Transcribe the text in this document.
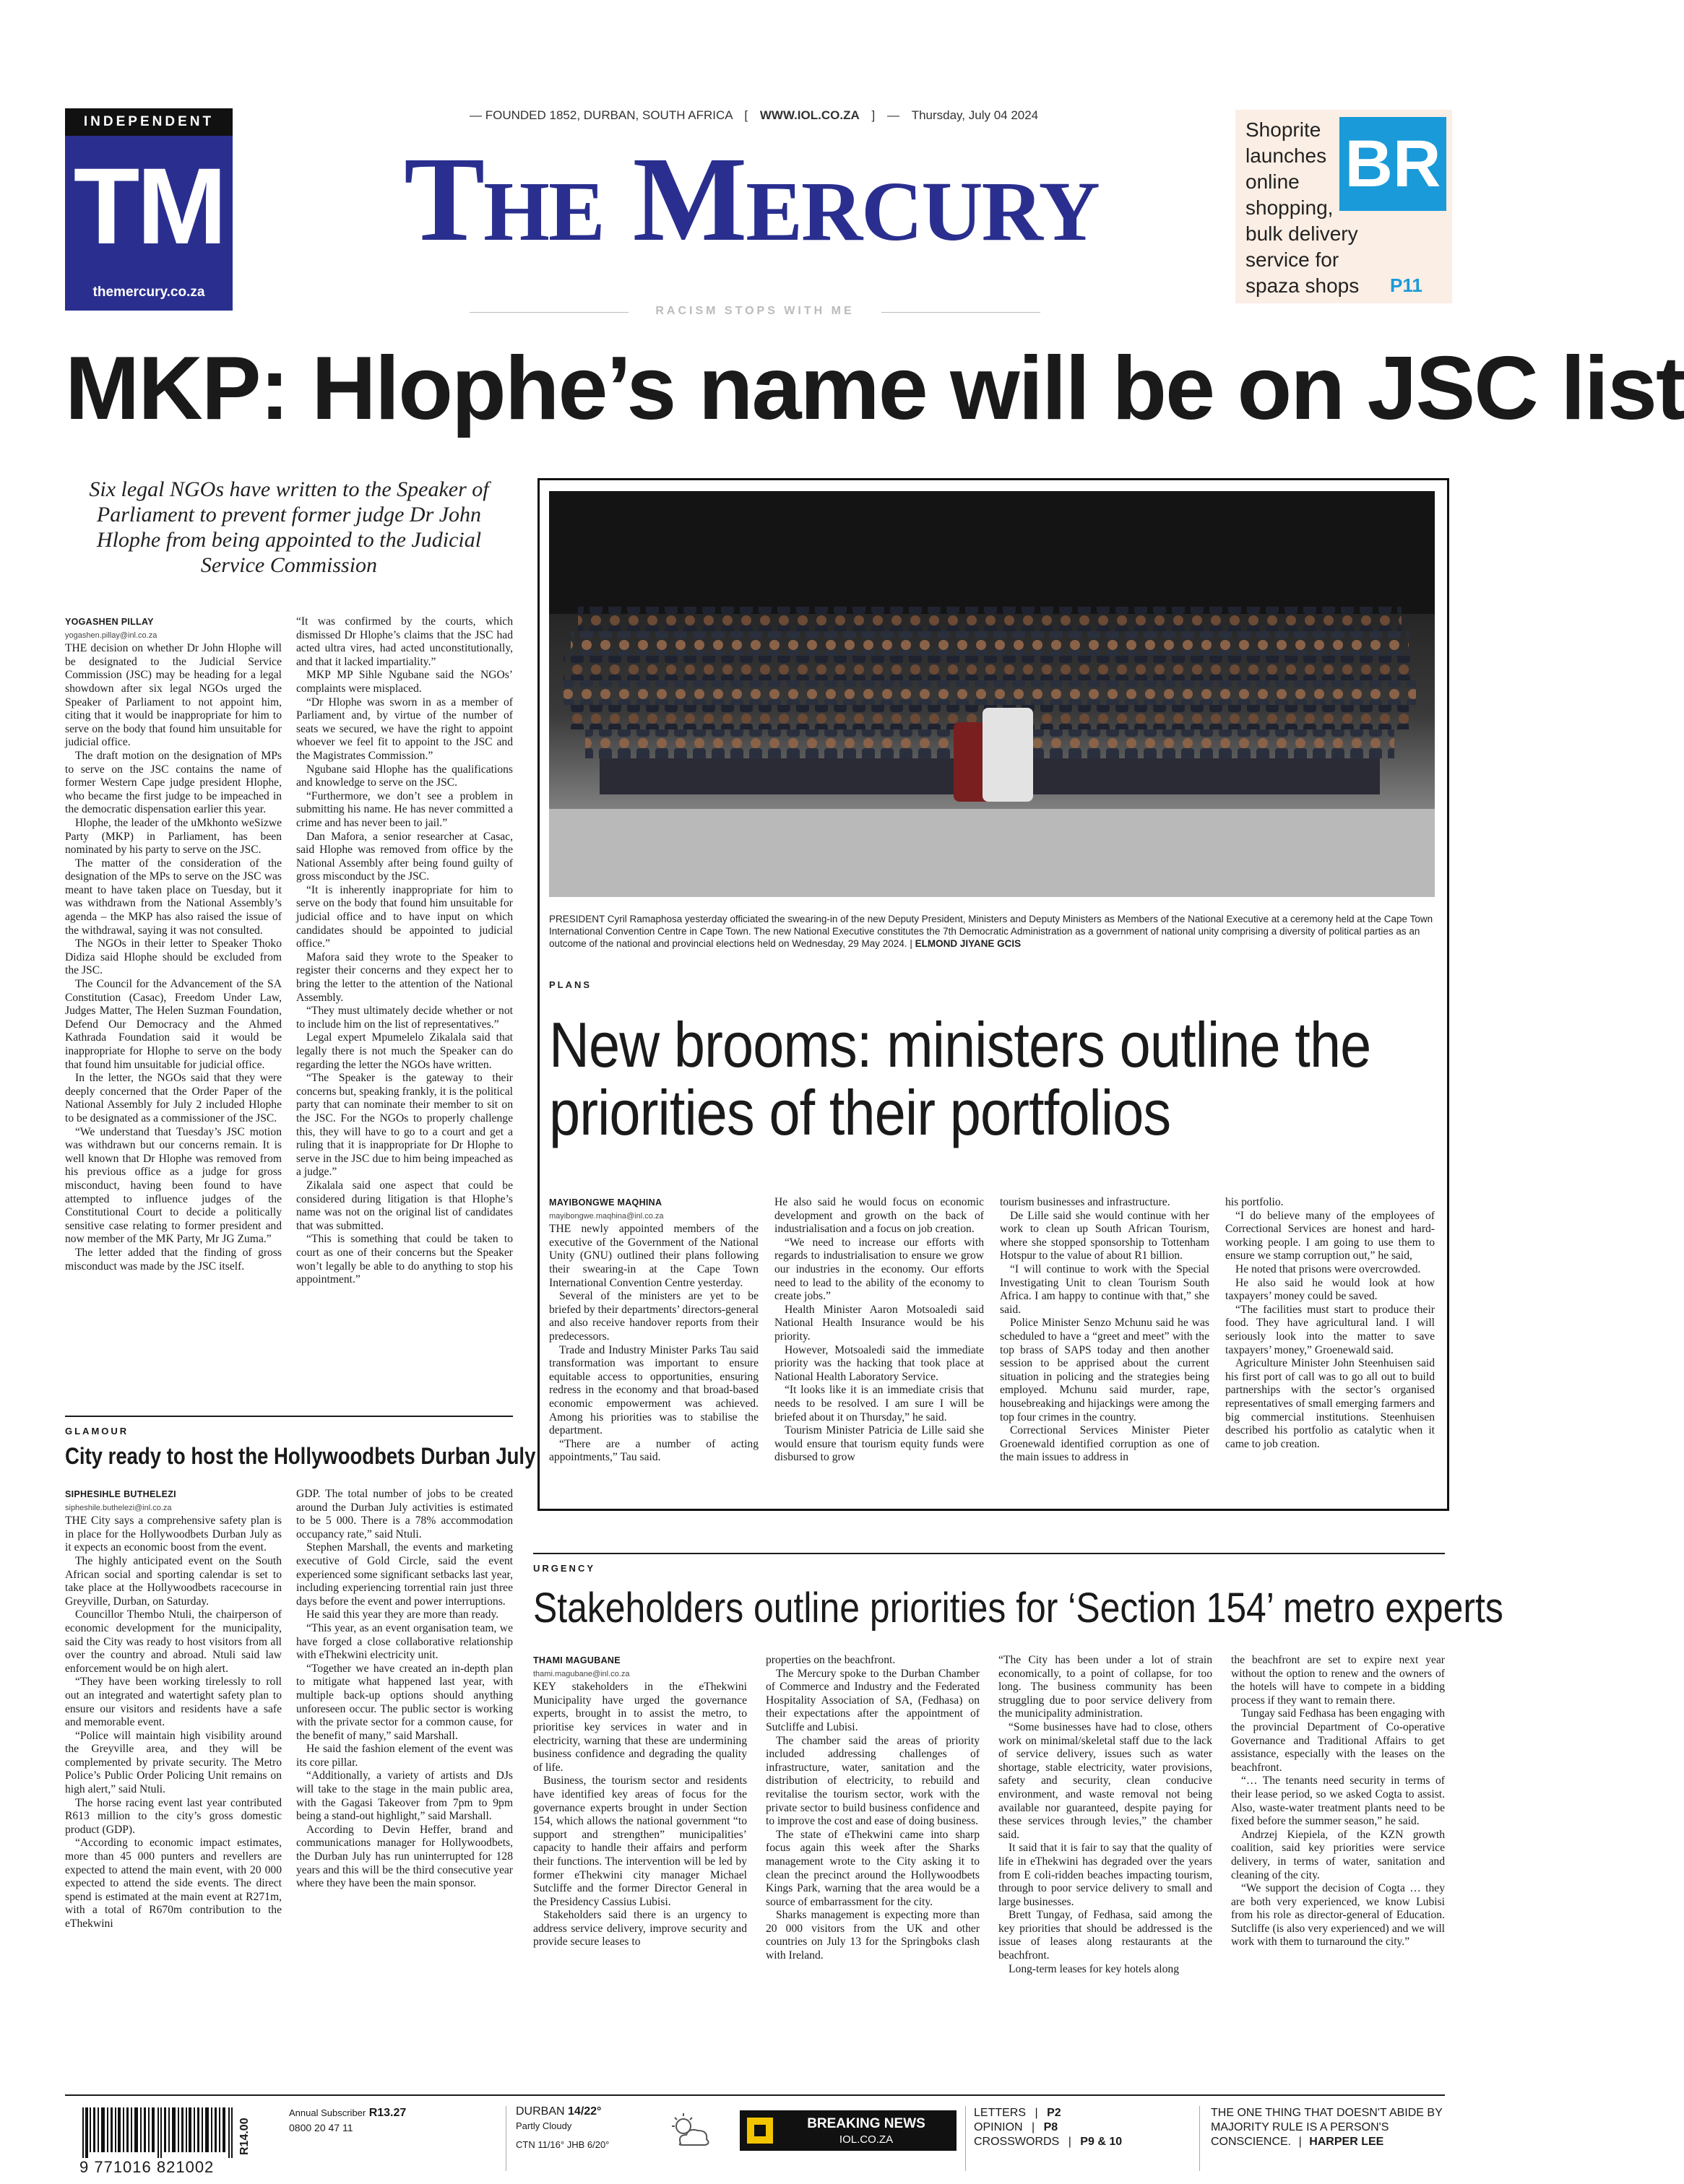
INDEPENDENT
TM
themercury.co.za
— FOUNDED 1852, DURBAN, SOUTH AFRICA [ WWW.IOL.CO.ZA ] — Thursday, July 04 2024
The Mercury
RACISM STOPS WITH ME
Shoprite launches online shopping, bulk delivery service for spaza shops
BR
P11
MKP: Hlophe’s name will be on JSC list
Six legal NGOs have written to the Speaker of Parliament to prevent former judge Dr John Hlophe from being appointed to the Judicial Service Commission

YOGASHEN PILLAY

yogashen.pillay@inl.co.za

THE decision on whether Dr John Hlophe will be designated to the Judicial Service Commission (JSC) may be heading for a legal showdown after six legal NGOs urged the Speaker of Parliament to not appoint him, citing that it would be inappropriate for him to serve on the body that found him unsuitable for judicial office.

The draft motion on the designation of MPs to serve on the JSC contains the name of former Western Cape judge president Hlophe, who became the first judge to be impeached in the democratic dispensation earlier this year.

Hlophe, the leader of the uMkhonto weSizwe Party (MKP) in Parliament, has been nominated by his party to serve on the JSC.

The matter of the consideration of the designation of the MPs to serve on the JSC was meant to have taken place on Tuesday, but it was withdrawn from the National Assembly’s agenda – the MKP has also raised the issue of the withdrawal, saying it was not consulted.

The NGOs in their letter to Speaker Thoko Didiza said Hlophe should be excluded from the JSC.

The Council for the Advancement of the SA Constitution (Casac), Freedom Under Law, Judges Matter, The Helen Suzman Foundation, Defend Our Democracy and the Ahmed Kathrada Foundation said it would be inappropriate for Hlophe to serve on the body that found him unsuitable for judicial office.

In the letter, the NGOs said that they were deeply concerned that the Order Paper of the National Assembly for July 2 included Hlophe to be designated as a commissioner of the JSC.

“We understand that Tuesday’s JSC motion was withdrawn but our concerns remain. It is well known that Dr Hlophe was removed from his previous office as a judge for gross misconduct, having been found to have attempted to influence judges of the Constitutional Court to decide a politically sensitive case relating to former president and now member of the MK Party, Mr JG Zuma.”

The letter added that the finding of gross misconduct was made by the JSC itself.

“It was confirmed by the courts, which dismissed Dr Hlophe’s claims that the JSC had acted ultra vires, had acted unconstitutionally, and that it lacked impartiality.”

MKP MP Sihle Ngubane said the NGOs’ complaints were misplaced.

“Dr Hlophe was sworn in as a member of Parliament and, by virtue of the number of seats we secured, we have the right to appoint whoever we feel fit to appoint to the JSC and the Magistrates Commission.”

Ngubane said Hlophe has the qualifications and knowledge to serve on the JSC.

“Furthermore, we don’t see a problem in submitting his name. He has never committed a crime and has never been to jail.”

Dan Mafora, a senior researcher at Casac, said Hlophe was removed from office by the National Assembly after being found guilty of gross misconduct by the JSC.

“It is inherently inappropriate for him to serve on the body that found him unsuitable for judicial office and to have input on which candidates should be appointed to judicial office.”

Mafora said they wrote to the Speaker to register their concerns and they expect her to bring the letter to the attention of the National Assembly.

“They must ultimately decide whether or not to include him on the list of representatives.”

Legal expert Mpumelelo Zikalala said that legally there is not much the Speaker can do regarding the letter the NGOs have written.

“The Speaker is the gateway to their concerns but, speaking frankly, it is the political party that can nominate their member to sit on the JSC. For the NGOs to properly challenge this, they will have to go to a court and get a ruling that it is inappropriate for Dr Hlophe to serve in the JSC due to him being impeached as a judge.”

Zikalala said one aspect that could be considered during litigation is that Hlophe’s name was not on the original list of candidates that was submitted.

“This is something that could be taken to court as one of their concerns but the Speaker won’t legally be able to do anything to stop his appointment.”

PRESIDENT Cyril Ramaphosa yesterday officiated the swearing-in of the new Deputy President, Ministers and Deputy Ministers as Members of the National Executive at a ceremony held at the Cape Town International Convention Centre in Cape Town. The new National Executive constitutes the 7th Democratic Administration as a government of national unity comprising a diversity of political parties as an outcome of the national and provincial elections held on Wednesday, 29 May 2024. | ELMOND JIYANE GCIS
PLANS
New brooms: ministers outline the priorities of their portfolios

MAYIBONGWE MAQHINA

mayibongwe.maqhina@inl.co.za

THE newly appointed members of the executive of the Government of the National Unity (GNU) outlined their plans following their swearing-in at the Cape Town International Convention Centre yesterday.

Several of the ministers are yet to be briefed by their departments’ directors-general and also receive handover reports from their predecessors.

Trade and Industry Minister Parks Tau said transformation was important to ensure equitable access to opportunities, ensuring redress in the economy and that broad-based economic empowerment was achieved. Among his priorities was to stabilise the department.

“There are a number of acting appointments,” Tau said.

He also said he would focus on economic development and growth on the back of industrialisation and a focus on job creation.

“We need to increase our efforts with regards to industrialisation to ensure we grow our industries in the economy. Our efforts need to lead to the ability of the economy to create jobs.”

Health Minister Aaron Motsoaledi said National Health Insurance would be his priority.

However, Motsoaledi said the immediate priority was the hacking that took place at National Health Laboratory Service.

“It looks like it is an immediate crisis that needs to be resolved. I am sure I will be briefed about it on Thursday,” he said.

Tourism Minister Patricia de Lille said she would ensure that tourism equity funds were disbursed to grow

tourism businesses and infrastructure.

De Lille said she would continue with her work to clean up South African Tourism, where she stopped sponsorship to Tottenham Hotspur to the value of about R1 billion.

“I will continue to work with the Special Investigating Unit to clean Tourism South Africa. I am happy to continue with that,” she said.

Police Minister Senzo Mchunu said he was scheduled to have a “greet and meet” with the top brass of SAPS today and then another session to be apprised about the current situation in policing and the strategies being employed. Mchunu said murder, rape, housebreaking and hijackings were among the top four crimes in the country.

Correctional Services Minister Pieter Groenewald identified corruption as one of the main issues to address in

his portfolio.

“I do believe many of the employees of Correctional Services are honest and hard-working people. I am going to use them to ensure we stamp corruption out,” he said,

He noted that prisons were overcrowded.

He also said he would look at how taxpayers’ money could be saved.

“The facilities must start to produce their food. They have agricultural land. I will seriously look into the matter to save taxpayers’ money,” Groenewald said.

Agriculture Minister John Steenhuisen said his first port of call was to go all out to build partnerships with the sector’s organised representatives of small emerging farmers and big commercial institutions. Steenhuisen described his portfolio as catalytic when it came to job creation.

GLAMOUR
City ready to host the Hollywoodbets Durban July

SIPHESIHLE BUTHELEZI

sipheshile.buthelezi@inl.co.za

THE City says a comprehensive safety plan is in place for the Hollywoodbets Durban July as it expects an economic boost from the event.

The highly anticipated event on the South African social and sporting calendar is set to take place at the Hollywoodbets racecourse in Greyville, Durban, on Saturday.

Councillor Thembo Ntuli, the chairperson of economic development for the municipality, said the City was ready to host visitors from all over the country and abroad. Ntuli said law enforcement would be on high alert.

“They have been working tirelessly to roll out an integrated and watertight safety plan to ensure our visitors and residents have a safe and memorable event.

“Police will maintain high visibility around the Greyville area, and they will be complemented by private security. The Metro Police’s Public Order Policing Unit remains on high alert,” said Ntuli.

The horse racing event last year contributed R613 million to the city’s gross domestic product (GDP).

“According to economic impact estimates, more than 45 000 punters and revellers are expected to attend the main event, with 20 000 expected to attend the side events. The direct spend is estimated at the main event at R271m, with a total of R670m contribution to the eThekwini

GDP. The total number of jobs to be created around the Durban July activities is estimated to be 5 000. There is a 78% accommodation occupancy rate,” said Ntuli.

Stephen Marshall, the events and marketing executive of Gold Circle, said the event experienced some significant setbacks last year, including experiencing torrential rain just three days before the event and power interruptions.

He said this year they are more than ready.

“This year, as an event organisation team, we have forged a close collaborative relationship with eThekwini electricity unit.

“Together we have created an in-depth plan to mitigate what happened last year, with multiple back-up options should anything unforeseen occur. The public sector is working with the private sector for a common cause, for the benefit of many,” said Marshall.

He said the fashion element of the event was its core pillar.

“Additionally, a variety of artists and DJs will take to the stage in the main public area, with the Gagasi Takeover from 7pm to 9pm being a stand-out highlight,” said Marshall.

According to Devin Heffer, brand and communications manager for Hollywoodbets, the Durban July has run uninterrupted for 128 years and this will be the third consecutive year where they have been the main sponsor.

URGENCY
Stakeholders outline priorities for ‘Section 154’ metro experts

THAMI MAGUBANE

thami.magubane@inl.co.za

KEY stakeholders in the eThekwini Municipality have urged the governance experts, brought in to assist the metro, to prioritise key services in water and in electricity, warning that these are undermining business confidence and degrading the quality of life.

Business, the tourism sector and residents have identified key areas of focus for the governance experts brought in under Section 154, which allows the national government “to support and strengthen” municipalities’ capacity to handle their affairs and perform their functions. The intervention will be led by former eThekwini city manager Michael Sutcliffe and the former Director General in the Presidency Cassius Lubisi.

Stakeholders said there is an urgency to address service delivery, improve security and provide secure leases to

properties on the beachfront.

The Mercury spoke to the Durban Chamber of Commerce and Industry and the Federated Hospitality Association of SA, (Fedhasa) on their expectations after the appointment of Sutcliffe and Lubisi.

The chamber said the areas of priority included addressing challenges of infrastructure, water, sanitation and the distribution of electricity, to rebuild and revitalise the tourism sector, work with the private sector to build business confidence and to improve the cost and ease of doing business.

The state of eThekwini came into sharp focus again this week after the Sharks management wrote to the City asking it to clean the precinct around the Hollywoodbets Kings Park, warning that the area would be a source of embarrassment for the city.

Sharks management is expecting more than 20 000 visitors from the UK and other countries on July 13 for the Springboks clash with Ireland.

“The City has been under a lot of strain economically, to a point of collapse, for too long. The business community has been struggling due to poor service delivery from the municipality administration.

“Some businesses have had to close, others work on minimal/skeletal staff due to the lack of service delivery, issues such as water shortage, stable electricity, water provisions, safety and security, clean conducive environment, and waste removal not being available nor guaranteed, despite paying for these services through levies,” the chamber said.

It said that it is fair to say that the quality of life in eThekwini has degraded over the years from E coli-ridden beaches impacting tourism, through to poor service delivery to small and large businesses.

Brett Tungay, of Fedhasa, said among the key priorities that should be addressed is the issue of leases along restaurants at the beachfront.

Long-term leases for key hotels along

the beachfront are set to expire next year without the option to renew and the owners of the hotels will have to compete in a bidding process if they want to remain there.

Tungay said Fedhasa has been engaging with the provincial Department of Co-operative Governance and Traditional Affairs to get assistance, especially with the leases on the beachfront.

“… The tenants need security in terms of their lease period, so we asked Cogta to assist. Also, waste-water treatment plants need to be fixed before the summer season,” he said.

Andrzej Kiepiela, of the KZN growth coalition, said key priorities were service delivery, in terms of water, sanitation and cleaning of the city.

“We support the decision of Cogta … they are both very experienced, we know Lubisi from his role as director-general of Education. Sutcliffe (is also very experienced) and we will work with them to turnaround the city.”

9 771016 821002
R14.00
Annual Subscriber R13.27
0800 20 47 11
DURBAN 14/22°
Partly Cloudy
CTN 11/16° JHB 6/20°
BREAKING NEWS
IOL.CO.ZA
LETTERS | P2
OPINION | P8
CROSSWORDS | P9 & 10
THE ONE THING THAT DOESN'T ABIDE BY MAJORITY RULE IS A PERSON'S CONSCIENCE. | HARPER LEE
